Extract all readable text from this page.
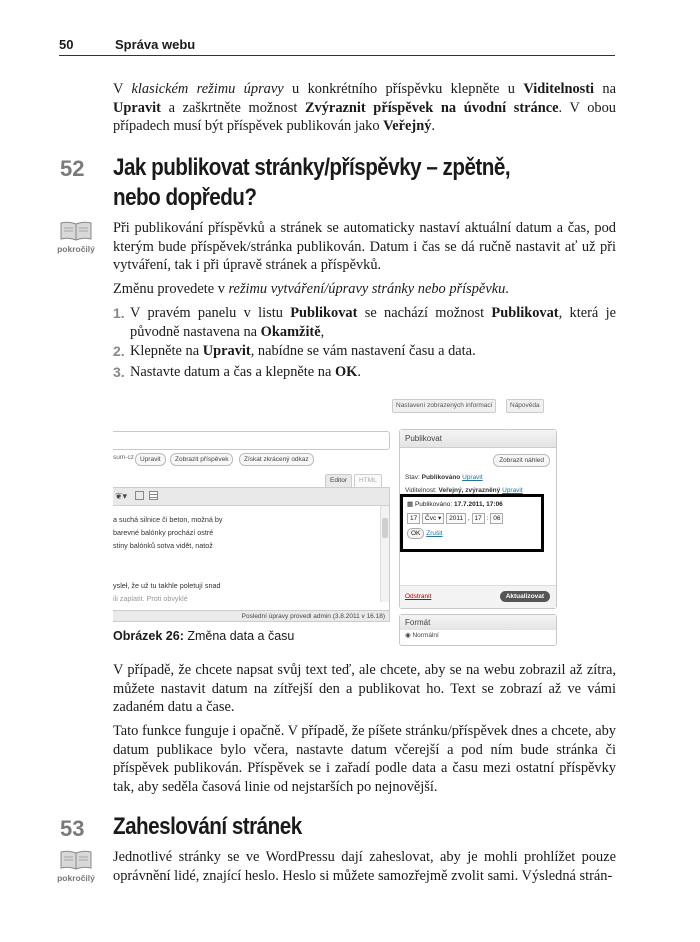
50	Správa webu

V klasickém režimu úpravy u konkrétního příspěvku klepněte u Viditelnosti na Upravit a zaškrtněte možnost Zvýraznit příspěvek na úvodní stránce. V obou případech musí být příspěvek publikován jako Veřejný.

52 Jak publikovat stránky/příspěvky – zpětně, nebo dopředu?
pokročilý

Při publikování příspěvků a stránek se automaticky nastaví aktuální datum a čas, pod kterým bude příspěvek/stránka publikován. Datum i čas se dá ručně nastavit ať už při vytváření, tak i při úpravě stránek a příspěvků.

Změnu provedete v režimu vytváření/úpravy stránky nebo příspěvku.

1. V pravém panelu v listu Publikovat se nachází možnost Publikovat, která je původně nastavena na Okamžitě,
2. Klepněte na Upravit, nabídne se vám nastavení času a data.
3. Nastavte datum a čas a klepněte na OK.
Nastavení zobrazených informací	Nápověda
sum-cz Upravit	Zobrazit příspěvek	Získat zkrácený odkaz
Editor	HTML
❦▾
a suchá silnice či beton, možná by
barevné balónky prochází ostré
stiny balónků sotva vidět, natož
ysleł, že už tu takhle poletují snad
ili zaplatit. Proti obvyklé
Poslední úpravy provedl admin (3.8.2011 v 16.18)
Publikovat
Zobrazit náhled
Stav: Publikováno Upravit
Viditelnost: Veřejný, zvýrazněný Upravit
▦ Publikováno: 17.7.2011, 17:06
17 Čvc ▾ 2011 , 17 : 06
OK Zrušit
Odstranit	Aktualizovat
Formát
◉ Normální
Obrázek 26: Změna data a času

V případě, že chcete napsat svůj text teď, ale chcete, aby se na webu zobrazil až zítra, můžete nastavit datum na zítřejší den a publikovat ho. Text se zobrazí až ve vámi zadaném datu a čase.

Tato funkce funguje i opačně. V případě, že píšete stránku/příspěvek dnes a chcete, aby datum publikace bylo včera, nastavte datum včerejší a pod ním bude stránka či příspěvek publikován. Příspěvek se i zařadí podle data a času mezi ostatní příspěvky tak, aby seděla časová linie od nejstarších po nejnovější.

53 Zaheslování stránek
pokročilý

Jednotlivé stránky se ve WordPressu dají zaheslovat, aby je mohli prohlížet pouze oprávnění lidé, znající heslo. Heslo si můžete samozřejmě zvolit sami. Výsledná strán-
